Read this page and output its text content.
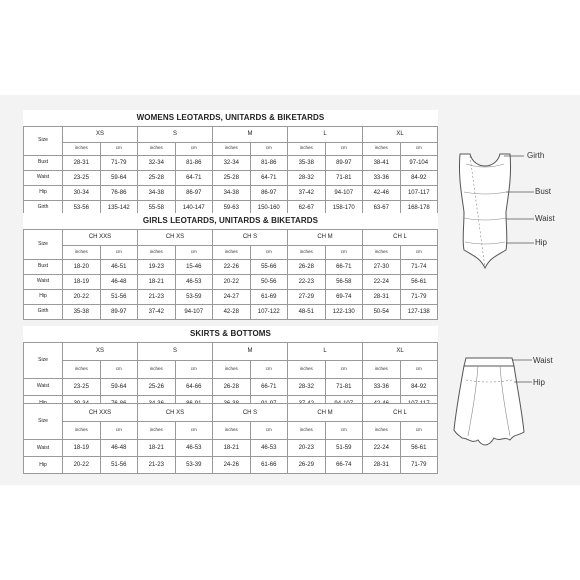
WOMENS LEOTARDS, UNITARDS & BIKETARDS										
Size	XS		S		M		L		XL	
	inches	cm	inches	cm	inches	cm	inches	cm	inches	cm
Bust	28-31	71-79	32-34	81-86	32-34	81-86	35-38	89-97	38-41	97-104
Waist	23-25	59-64	25-28	64-71	25-28	64-71	28-32	71-81	33-36	84-92
Hip	30-34	76-86	34-38	86-97	34-38	86-97	37-42	94-107	42-46	107-117
Girth	53-56	135-142	55-58	140-147	59-63	150-160	62-67	158-170	63-67	168-178
GIRLS LEOTARDS, UNITARDS & BIKETARDS										
Size	CH XXS		CH XS		CH S		CH M		CH L	
	inches	cm	inches	cm	inches	cm	inches	cm	inches	cm
Bust	18-20	46-51	19-23	15-46	22-26	55-66	26-28	66-71	27-30	71-74
Waist	18-19	46-48	18-21	46-53	20-22	50-56	22-23	56-58	22-24	56-61
Hip	20-22	51-56	21-23	53-59	24-27	61-69	27-29	69-74	28-31	71-79
Girth	35-38	89-97	37-42	94-107	42-28	107-122	48-51	122-130	50-54	127-138
SKIRTS & BOTTOMS										
Size	XS		S		M		L		XL	
	inches	cm	inches	cm	inches	cm	inches	cm	inches	cm
Waist	23-25	59-64	25-26	64-66	26-28	66-71	28-32	71-81	33-36	84-92

Size	CH XXS		CH XS		CH S		CH M		CH L	
	inches	cm	inches	cm	inches	cm	inches	cm	inches	cm
Waist	18-19	46-48	18-21	46-53	18-21	46-53	20-23	51-59	22-24	56-61
Hip	20-22	51-56	21-23	53-39	24-26	61-66	26-29	66-74	28-31	71-79
Girth
Bust
Waist
Hip
Waist
Hip
